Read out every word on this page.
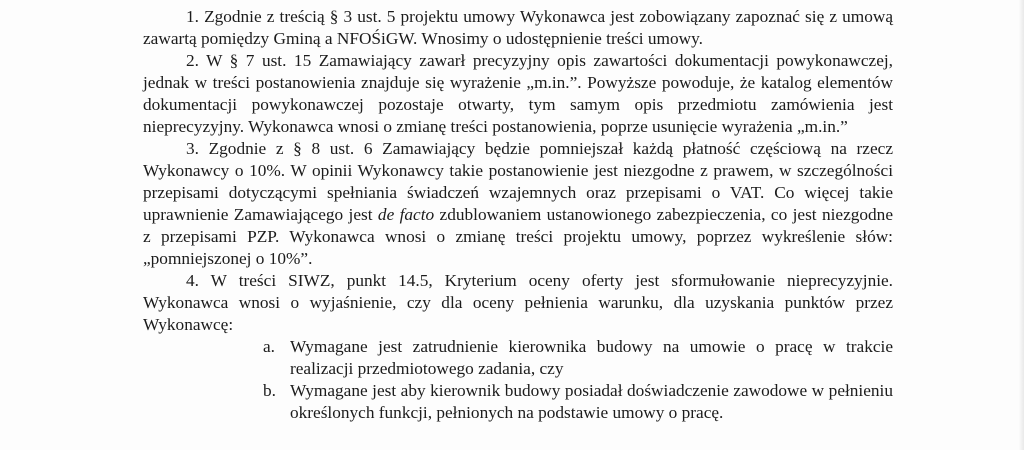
1. Zgodnie z treścią § 3 ust. 5 projektu umowy Wykonawca jest zobowiązany zapoznać się z umową zawartą pomiędzy Gminą a NFOŚiGW. Wnosimy o udostępnienie treści umowy.

2. W § 7 ust. 15 Zamawiający zawarł precyzyjny opis zawartości dokumentacji powykonawczej, jednak w treści postanowienia znajduje się wyrażenie „m.in.”. Powyższe powoduje, że katalog elementów dokumentacji powykonawczej pozostaje otwarty, tym samym opis przedmiotu zamówienia jest nieprecyzyjny. Wykonawca wnosi o zmianę treści postanowienia, poprze usunięcie wyrażenia „m.in.”

3. Zgodnie z § 8 ust. 6 Zamawiający będzie pomniejszał każdą płatność częściową na rzecz Wykonawcy o 10%. W opinii Wykonawcy takie postanowienie jest niezgodne z prawem, w szczególności przepisami dotyczącymi spełniania świadczeń wzajemnych oraz przepisami o VAT. Co więcej takie uprawnienie Zamawiającego jest de facto zdublowaniem ustanowionego zabezpieczenia, co jest niezgodne z przepisami PZP. Wykonawca wnosi o zmianę treści projektu umowy, poprzez wykreślenie słów: „pomniejszonej o 10%”.

4. W treści SIWZ, punkt 14.5, Kryterium oceny oferty jest sformułowanie nieprecyzyjnie. Wykonawca wnosi o wyjaśnienie, czy dla oceny pełnienia warunku, dla uzyskania punktów przez Wykonawcę:

a. Wymagane jest zatrudnienie kierownika budowy na umowie o pracę w trakcie realizacji przedmiotowego zadania, czy
b. Wymagane jest aby kierownik budowy posiadał doświadczenie zawodowe w pełnieniu określonych funkcji, pełnionych na podstawie umowy o pracę.
